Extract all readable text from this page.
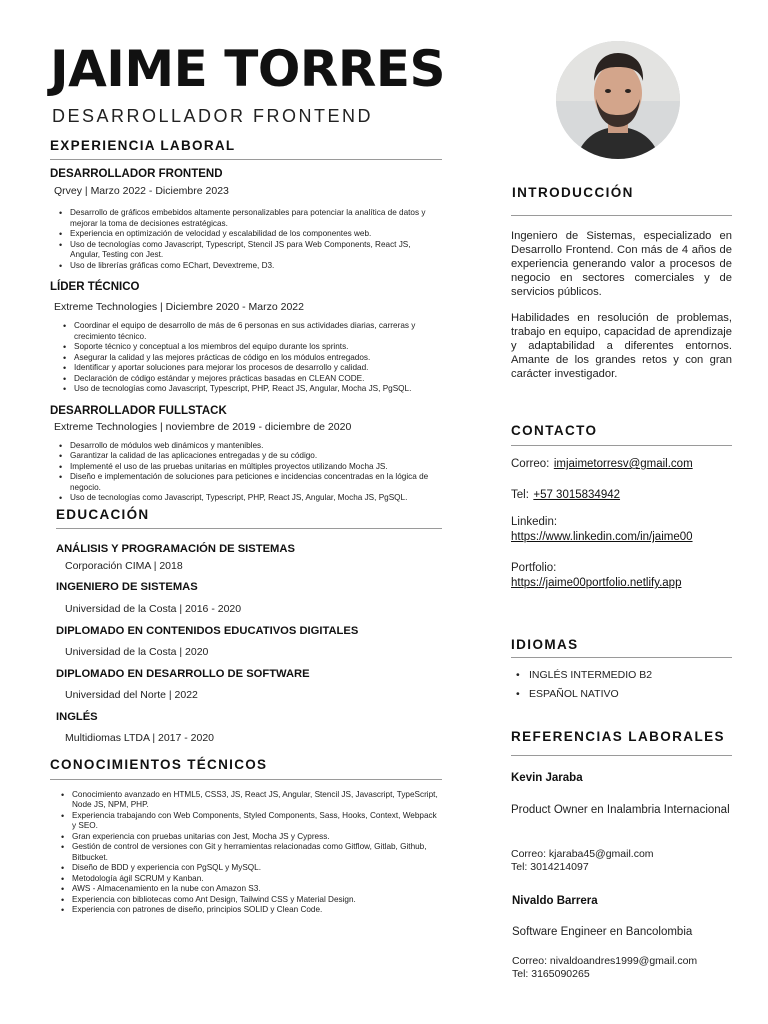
JAIME TORRES
DESARROLLADOR FRONTEND
EXPERIENCIA LABORAL
DESARROLLADOR FRONTEND
Qrvey | Marzo 2022 - Diciembre 2023
• Desarrollo de gráficos embebidos altamente personalizables para potenciar la analítica de datos y mejorar la toma de decisiones estratégicas.
• Experiencia en optimización de velocidad y escalabilidad de los componentes web.
• Uso de tecnologías como Javascript, Typescript, Stencil JS para Web Components, React JS, Angular, Testing con Jest.
• Uso de librerías gráficas como EChart, Devextreme, D3.
LÍDER TÉCNICO
Extreme Technologies | Diciembre 2020 - Marzo 2022
• Coordinar el equipo de desarrollo de más de 6 personas en sus actividades diarias, carreras y crecimiento técnico.
• Soporte técnico y conceptual a los miembros del equipo durante los sprints.
• Asegurar la calidad y las mejores prácticas de código en los módulos entregados.
• Identificar y aportar soluciones para mejorar los procesos de desarrollo y calidad.
• Declaración de código estándar y mejores prácticas basadas en CLEAN CODE.
• Uso de tecnologías como Javascript, Typescript, PHP, React JS, Angular, Mocha JS, PgSQL.
DESARROLLADOR FULLSTACK
Extreme Technologies | noviembre de 2019 - diciembre de 2020
• Desarrollo de módulos web dinámicos y mantenibles.
• Garantizar la calidad de las aplicaciones entregadas y de su código.
• Implementé el uso de las pruebas unitarias en múltiples proyectos utilizando Mocha JS.
• Diseño e implementación de soluciones para peticiones e incidencias concentradas en la lógica de negocio.
• Uso de tecnologías como Javascript, Typescript, PHP, React JS, Angular, Mocha JS, PgSQL.
EDUCACIÓN
ANÁLISIS Y PROGRAMACIÓN DE SISTEMAS
Corporación CIMA | 2018
INGENIERO DE SISTEMAS
Universidad de la Costa | 2016 - 2020
DIPLOMADO EN CONTENIDOS EDUCATIVOS DIGITALES
Universidad de la Costa | 2020
DIPLOMADO EN DESARROLLO DE SOFTWARE
Universidad del Norte | 2022
INGLÉS
Multidiomas LTDA | 2017 - 2020
CONOCIMIENTOS TÉCNICOS
• Conocimiento avanzado en HTML5, CSS3, JS, React JS, Angular, Stencil JS, Javascript, TypeScript, Node JS, NPM, PHP.
• Experiencia trabajando con Web Components, Styled Components, Sass, Hooks, Context, Webpack y SEO.
• Gran experiencia con pruebas unitarias con Jest, Mocha JS y Cypress.
• Gestión de control de versiones con Git y herramientas relacionadas como Gitflow, Gitlab, Github, Bitbucket.
• Diseño de BDD y experiencia con PgSQL y MySQL.
• Metodología ágil SCRUM y Kanban.
• AWS - Almacenamiento en la nube con Amazon S3.
• Experiencia con bibliotecas como Ant Design, Tailwind CSS y Material Design.
• Experiencia con patrones de diseño, principios SOLID y Clean Code.
INTRODUCCIÓN
Ingeniero de Sistemas, especializado en Desarrollo Frontend. Con más de 4 años de experiencia generando valor a procesos de negocio en sectores comerciales y de servicios públicos.
Habilidades en resolución de problemas, trabajo en equipo, capacidad de aprendizaje y adaptabilidad a diferentes entornos. Amante de los grandes retos y con gran carácter investigador.
CONTACTO
Correo: imjaimetorresv@gmail.com
Tel: +57 3015834942
Linkedin:
https://www.linkedin.com/in/jaime00
Portfolio:
https://jaime00portfolio.netlify.app
IDIOMAS
• INGLÉS INTERMEDIO B2
• ESPAÑOL NATIVO
REFERENCIAS LABORALES
Kevin Jaraba
Product Owner en Inalambria Internacional
Correo: kjaraba45@gmail.com
Tel: 3014214097
Nivaldo Barrera
Software Engineer en Bancolombia
Correo: nivaldoandres1999@gmail.com
Tel: 3165090265
